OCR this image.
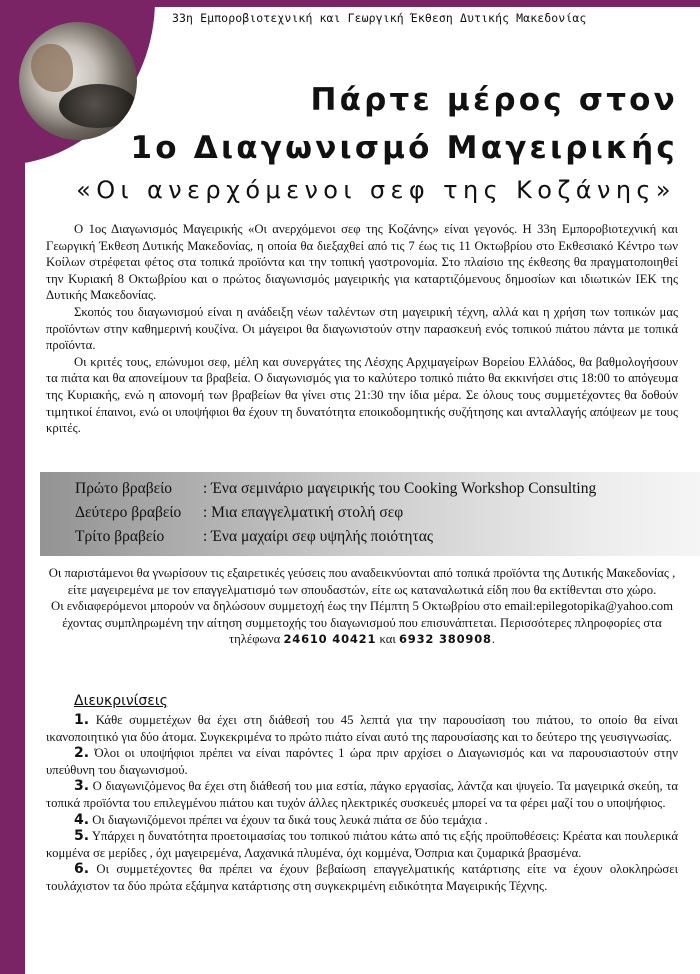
33η Εμποροβιοτεχνική και Γεωργική Έκθεση Δυτικής Μακεδονίας
Πάρτε μέρος στον
1ο Διαγωνισμό Μαγειρικής
«Οι ανερχόμενοι σεφ της Κοζάνης»

Ο 1ος Διαγωνισμός Μαγειρικής «Οι ανερχόμενοι σεφ της Κοζάνης» είναι γεγονός. Η 33η Εμποροβιοτεχνική και Γεωργική Έκθεση Δυτικής Μακεδονίας, η οποία θα διεξαχθεί από τις 7 έως τις 11 Οκτωβρίου στο Εκθεσιακό Κέντρο των Κοίλων στρέφεται φέτος στα τοπικά προϊόντα και την τοπική γαστρονομία. Στο πλαίσιο της έκθεσης θα πραγματοποιηθεί την Κυριακή 8 Οκτωβρίου και ο πρώτος διαγωνισμός μαγειρικής για καταρτιζόμενους δημοσίων και ιδιωτικών ΙΕΚ της Δυτικής Μακεδονίας.

Σκοπός του διαγωνισμού είναι η ανάδειξη νέων ταλέντων στη μαγειρική τέχνη, αλλά και η χρήση των τοπικών μας προϊόντων στην καθημερινή κουζίνα. Οι μάγειροι θα διαγωνιστούν στην παρασκευή ενός τοπικού πιάτου πάντα με τοπικά προϊόντα.

Οι κριτές τους, επώνυμοι σεφ, μέλη και συνεργάτες της Λέσχης Αρχιμαγείρων Βορείου Ελλάδος, θα βαθμολογήσουν τα πιάτα και θα απονείμουν τα βραβεία. Ο διαγωνισμός για το καλύτερο τοπικό πιάτο θα εκκινήσει στις 18:00 το απόγευμα της Κυριακής, ενώ η απονομή των βραβείων θα γίνει στις 21:30 την ίδια μέρα. Σε όλους τους συμμετέχοντες θα δοθούν τιμητικοί έπαινοι, ενώ οι υποψήφιοι θα έχουν τη δυνατότητα εποικοδομητικής συζήτησης και ανταλλαγής απόψεων με τους κριτές.

Πρώτο βραβείο : Ένα σεμινάριο μαγειρικής του Cooking Workshop Consulting
Δεύτερο βραβείο : Μια επαγγελματική στολή σεφ
Τρίτο βραβείο : Ένα μαχαίρι σεφ υψηλής ποιότητας

Οι παριστάμενοι θα γνωρίσουν τις εξαιρετικές γεύσεις που αναδεικνύονται από τοπικά προϊόντα της Δυτικής Μακεδονίας , είτε μαγειρεμένα με τον επαγγελματισμό των σπουδαστών, είτε ως καταναλωτικά είδη που θα εκτίθενται στο χώρο.

Οι ενδιαφερόμενοι μπορούν να δηλώσουν συμμετοχή έως την Πέμπτη 5 Οκτωβρίου στο email:epilegotopika@yahoo.com έχοντας συμπληρωμένη την αίτηση συμμετοχής του διαγωνισμού που επισυνάπτεται. Περισσότερες πληροφορίες στα τηλέφωνα 24610 40421 και 6932 380908.

Διευκρινίσεις

1. Κάθε συμμετέχων θα έχει στη διάθεσή του 45 λεπτά για την παρουσίαση του πιάτου, το οποίο θα είναι ικανοποιητικό για δύο άτομα. Συγκεκριμένα το πρώτο πιάτο είναι αυτό της παρουσίασης και το δεύτερο της γευσιγνωσίας.

2. Όλοι οι υποψήφιοι πρέπει να είναι παρόντες 1 ώρα πριν αρχίσει ο Διαγωνισμός και να παρουσιαστούν στην υπεύθυνη του διαγωνισμού.

3. Ο διαγωνιζόμενος θα έχει στη διάθεσή του μια εστία, πάγκο εργασίας, λάντζα και ψυγείο. Τα μαγειρικά σκεύη, τα τοπικά προϊόντα του επιλεγμένου πιάτου και τυχόν άλλες ηλεκτρικές συσκευές μπορεί να τα φέρει μαζί του ο υποψήφιος.

4. Οι διαγωνιζόμενοι πρέπει να έχουν τα δικά τους λευκά πιάτα σε δύο τεμάχια .

5. Υπάρχει η δυνατότητα προετοιμασίας του τοπικού πιάτου κάτω από τις εξής προϋποθέσεις: Κρέατα και πουλερικά κομμένα σε μερίδες , όχι μαγειρεμένα, Λαχανικά πλυμένα, όχι κομμένα, Όσπρια και ζυμαρικά βρασμένα.

6. Οι συμμετέχοντες θα πρέπει να έχουν βεβαίωση επαγγελματικής κατάρτισης είτε να έχουν ολοκληρώσει τουλάχιστον τα δύο πρώτα εξάμηνα κατάρτισης στη συγκεκριμένη ειδικότητα Μαγειρικής Τέχνης.
